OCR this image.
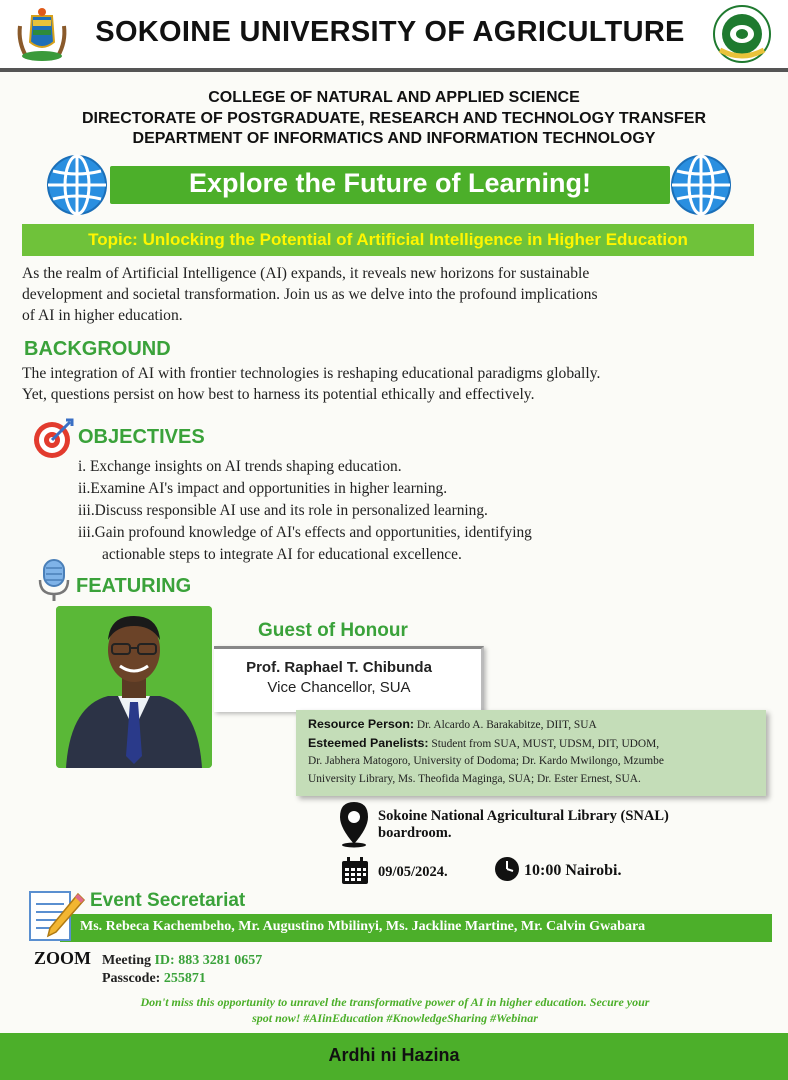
SOKOINE UNIVERSITY OF AGRICULTURE
COLLEGE OF NATURAL AND APPLIED SCIENCE
DIRECTORATE OF POSTGRADUATE, RESEARCH AND TECHNOLOGY TRANSFER
DEPARTMENT OF INFORMATICS AND INFORMATION TECHNOLOGY
Explore the Future of Learning!
Topic: Unlocking the Potential of Artificial Intelligence in Higher Education
As the realm of Artificial Intelligence (AI) expands, it reveals new horizons for sustainable
development and societal transformation. Join us as we delve into the profound implications
of AI in higher education.
BACKGROUND
The integration of AI with frontier technologies is reshaping educational paradigms globally.
Yet, questions persist on how best to harness its potential ethically and effectively.
OBJECTIVES
i. Exchange insights on AI trends shaping education.
ii.Examine AI's impact and opportunities in higher learning.
iii.Discuss responsible AI use and its role in personalized learning.
iii.Gain profound knowledge of AI's effects and opportunities, identifying
actionable steps to integrate AI for educational excellence.
FEATURING
Guest of Honour
Prof. Raphael T. Chibunda
Vice Chancellor, SUA
Resource Person: Dr. Alcardo A. Barakabitze, DIIT, SUA
Esteemed Panelists: Student from SUA, MUST, UDSM, DIT, UDOM,
Dr. Jabhera Matogoro, University of Dodoma; Dr. Kardo Mwilongo, Mzumbe
University Library, Ms. Theofida Maginga, SUA; Dr. Ester Ernest, SUA.
Sokoine National Agricultural Library (SNAL)
boardroom.
09/05/2024.	10:00 Nairobi.
Ms. Rebeca Kachembeho, Mr. Augustino Mbilinyi, Ms. Jackline Martine, Mr. Calvin Gwabara
Event Secretariat
ZOOM Meeting ID: 883 3281 0657
Passcode: 255871
Don't miss this opportunity to unravel the transformative power of AI in higher education. Secure your
spot now! #AIinEducation #KnowledgeSharing #Webinar
Ardhi ni Hazina
